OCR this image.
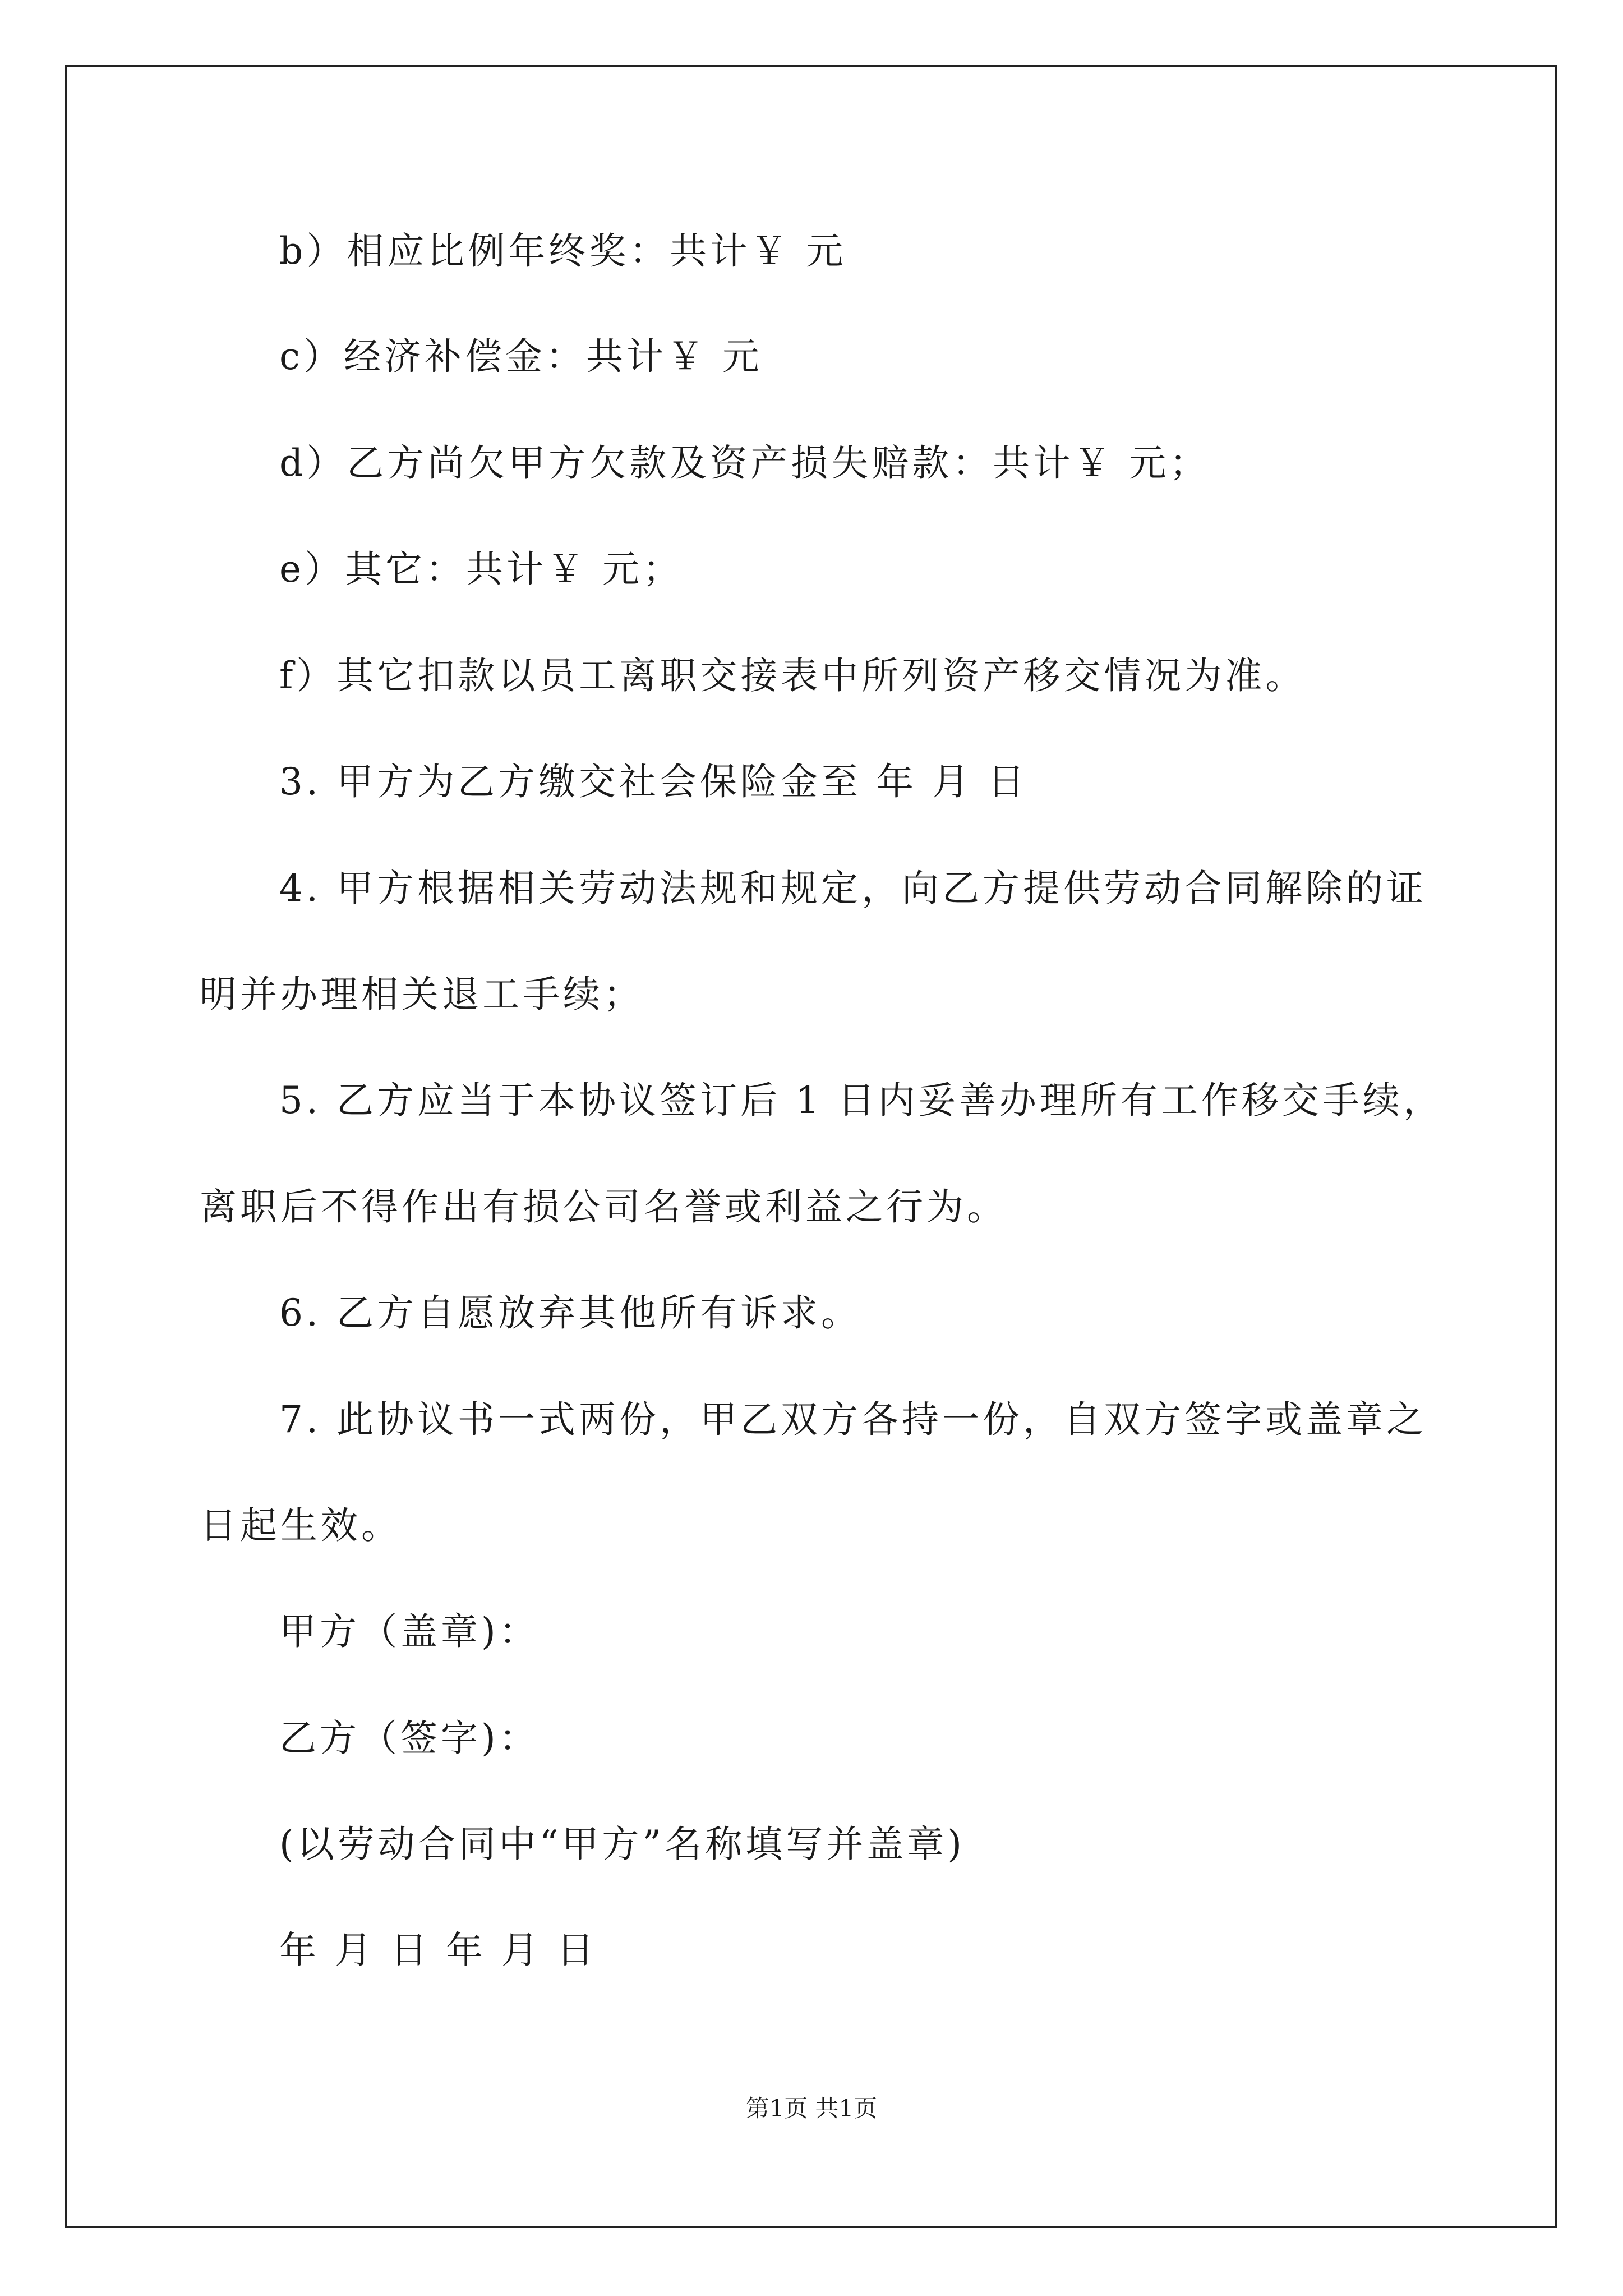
b）相应比例年终奖：共计￥ 元
c）经济补偿金：共计￥ 元
d）乙方尚欠甲方欠款及资产损失赔款：共计￥ 元；
e）其它：共计￥ 元；
f）其它扣款以员工离职交接表中所列资产移交情况为准。
3. 甲方为乙方缴交社会保险金至 年 月 日
4. 甲方根据相关劳动法规和规定，向乙方提供劳动合同解除的证
明并办理相关退工手续；
5. 乙方应当于本协议签订后 1 日内妥善办理所有工作移交手续，
离职后不得作出有损公司名誉或利益之行为。
6. 乙方自愿放弃其他所有诉求。
7. 此协议书一式两份，甲乙双方各持一份，自双方签字或盖章之
日起生效。
甲方（盖章)：
乙方（签字)：
(以劳动合同中“甲方”名称填写并盖章)
年 月 日 年 月 日
第1页 共1页
